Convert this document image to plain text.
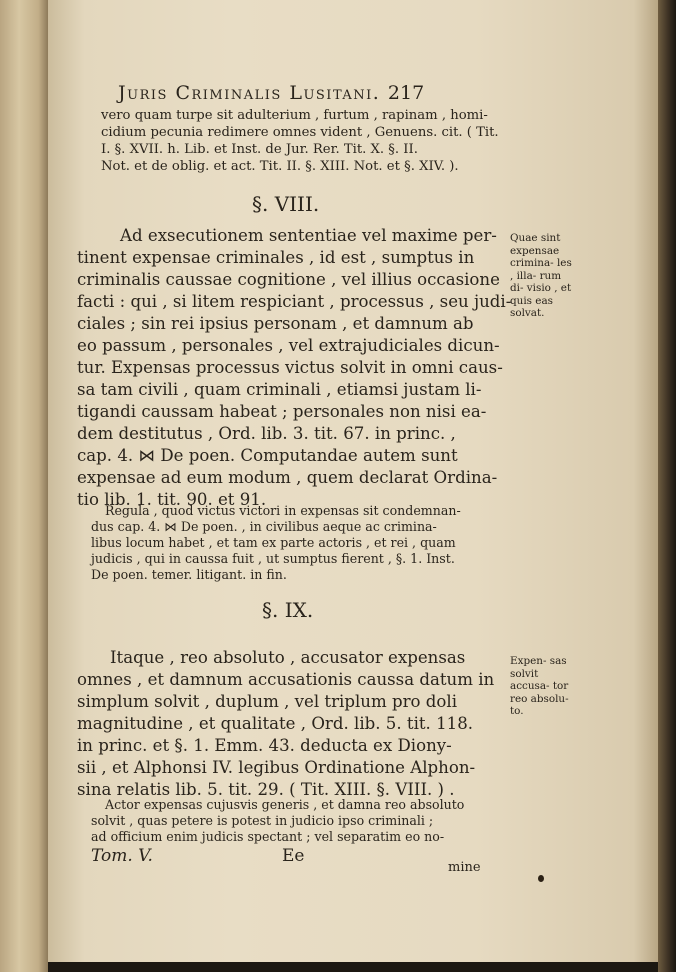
Juris Criminalis Lusitani. 217
vero quam turpe sit adulterium , furtum , rapinam , homi-
cidium pecunia redimere omnes vident , Genuens. cit. ( Tit.
I. §. XVII. h. Lib. et Inst. de Jur. Rer. Tit. X. §. II.
Not. et de oblig. et act. Tit. II. §. XIII. Not. et §. XIV. ).
§. VIII.
Ad exsecutionem sententiae vel maxime per-
tinent expensae criminales , id est , sumptus in
criminalis caussae cognitione , vel illius occasione
facti : qui , si litem respiciant , processus , seu judi-
ciales ; sin rei ipsius personam , et damnum ab
eo passum , personales , vel extrajudiciales dicun-
tur. Expensas processus victus solvit in omni caus-
sa tam civili , quam criminali , etiamsi justam li-
tigandi caussam habeat ; personales non nisi ea-
dem destitutus , Ord. lib. 3. tit. 67. in princ. ,
cap. 4. ⋈ De poen. Computandae autem sunt
expensae ad eum modum , quem declarat Ordina-
tio lib. 1. tit. 90. et 91.
Quae sint expensae crimina- les , illa- rum di- visio , et quis eas solvat.
Regula , quod victus victori in expensas sit condemnan-
dus cap. 4. ⋈ De poen. , in civilibus aeque ac crimina-
libus locum habet , et tam ex parte actoris , et rei , quam
judicis , qui in caussa fuit , ut sumptus fierent , §. 1. Inst.
De poen. temer. litigant. in fin.
§. IX.
Itaque , reo absoluto , accusator expensas
omnes , et damnum accusationis caussa datum in
simplum solvit , duplum , vel triplum pro doli
magnitudine , et qualitate , Ord. lib. 5. tit. 118.
in princ. et §. 1. Emm. 43. deducta ex Diony-
sii , et Alphonsi IV. legibus Ordinatione Alphon-
sina relatis lib. 5. tit. 29. ( Tit. XIII. §. VIII. ) .
Expen- sas solvit accusa- tor reo absolu- to.
Actor expensas cujusvis generis , et damna reo absoluto
solvit , quas petere is potest in judicio ipso criminali ;
ad officium enim judicis spectant ; vel separatim eo no-
Tom. V.	Ee
mine
